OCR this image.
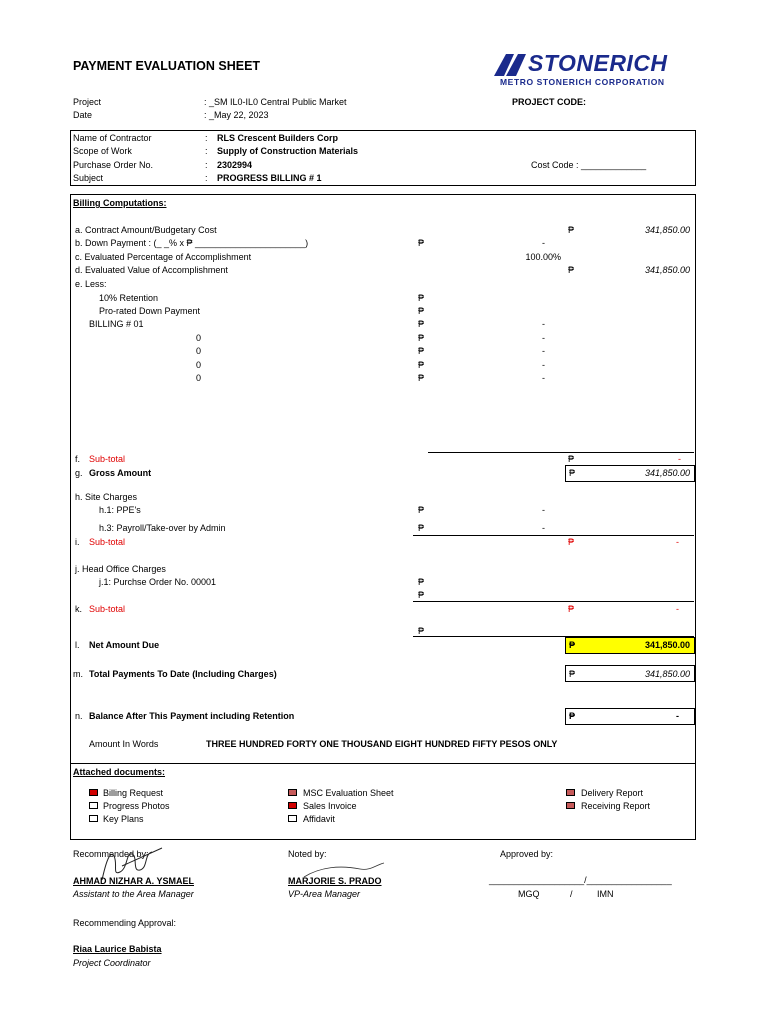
PAYMENT EVALUATION SHEET	STONERICH
METRO STONERICH CORPORATION
Project	: _SM IL0-IL0 Central Public Market	PROJECT CODE:
Date	: _May 22, 2023
Name of Contractor	: RLS Crescent Builders Corp
Scope of Work	: Supply of Construction Materials
Purchase Order No.	: 2302994	Cost Code : _____________
Subject	: PROGRESS BILLING # 1
Billing Computations:
a. Contract Amount/Budgetary Cost	₱	341,850.00
b. Down Payment : (_ _% x ₱ ______________________)	₱	-
c. Evaluated Percentage of Accomplishment	100.00%
d. Evaluated Value of Accomplishment	₱	341,850.00
e. Less:
10% Retention	₱
Pro-rated Down Payment	₱
BILLING # 01	₱	-
0	₱	-
0	₱	-
0	₱	-
0	₱	-
f. Sub-total	₱	-
g. Gross Amount	₱	341,850.00
h. Site Charges
h.1: PPE's	₱	-
h.3: Payroll/Take-over by Admin	₱	-
i. Sub-total	₱	-
j. Head Office Charges
j.1: Purchse Order No. 00001	₱
₱
k. Sub-total	₱	-
₱
l. Net Amount Due	₱	341,850.00
m. Total Payments To Date (Including Charges)	₱	341,850.00
n. Balance After This Payment including Retention	₱	-
Amount In Words	THREE HUNDRED FORTY ONE THOUSAND EIGHT HUNDRED FIFTY PESOS ONLY
Attached documents:
Billing Request
Progress Photos
Key Plans
MSC Evaluation Sheet
Sales Invoice
Affidavit
Delivery Report
Receiving Report
Recommended by:	Noted by:	Approved by:
AHMAD NIZHAR A. YSMAEL
Assistant to the Area Manager
MARJORIE S. PRADO
VP-Area Manager
___________________/_________________
MGQ	/	IMN
Recommending Approval:
Riaa Laurice Babista
Project Coordinator
